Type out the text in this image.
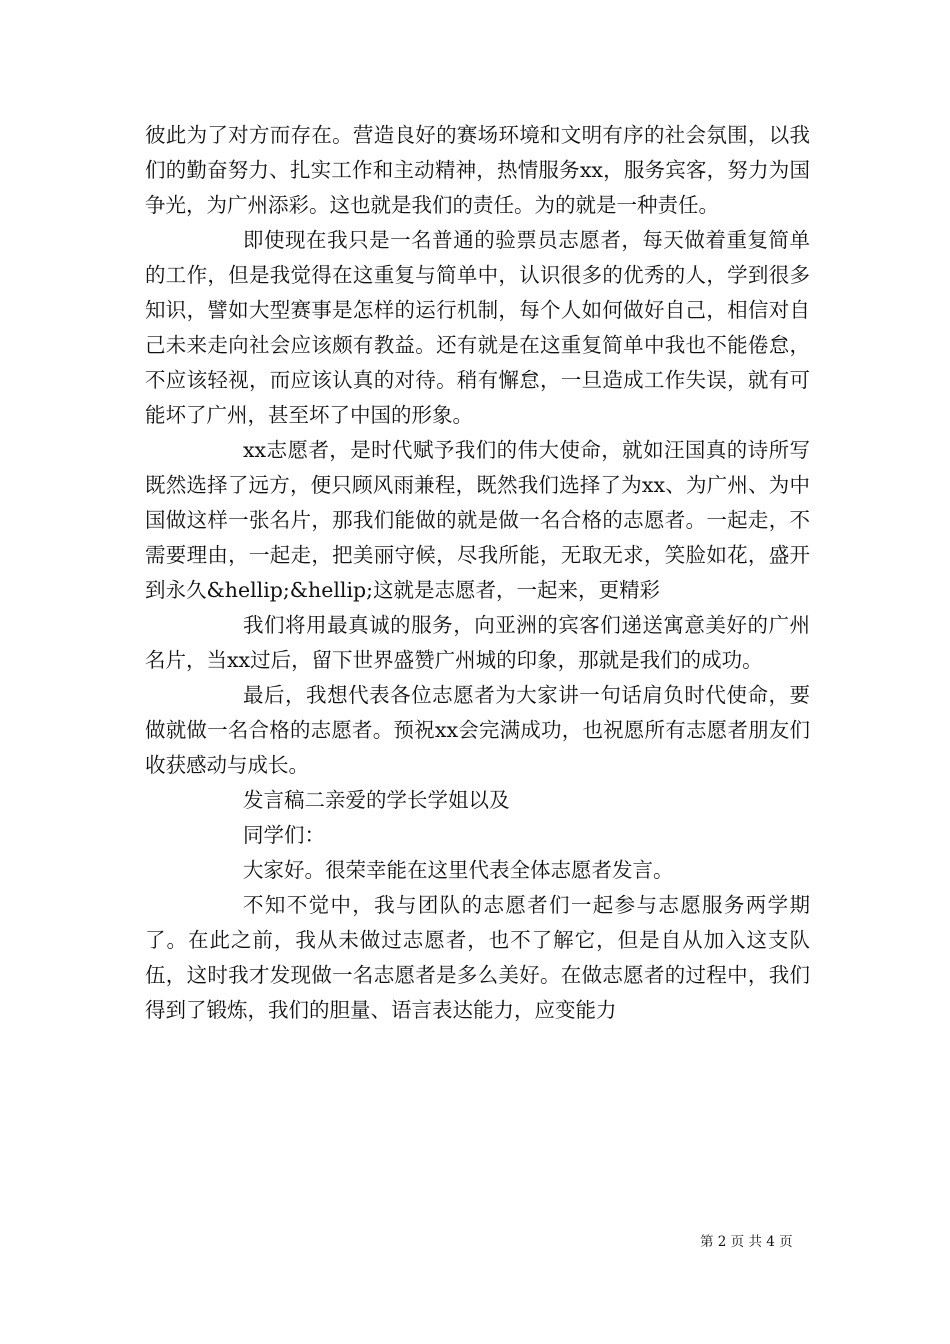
彼此为了对方而存在。营造良好的赛场环境和文明有序的社会氛围，以我们的勤奋努力、扎实工作和主动精神，热情服务xx，服务宾客，努力为国争光，为广州添彩。这也就是我们的责任。为的就是一种责任。

即使现在我只是一名普通的验票员志愿者，每天做着重复简单的工作，但是我觉得在这重复与简单中，认识很多的优秀的人，学到很多知识，譬如大型赛事是怎样的运行机制，每个人如何做好自己，相信对自己未来走向社会应该颇有教益。还有就是在这重复简单中我也不能倦怠，不应该轻视，而应该认真的对待。稍有懈怠，一旦造成工作失误，就有可能坏了广州，甚至坏了中国的形象。

xx志愿者，是时代赋予我们的伟大使命，就如汪国真的诗所写既然选择了远方，便只顾风雨兼程，既然我们选择了为xx、为广州、为中国做这样一张名片，那我们能做的就是做一名合格的志愿者。一起走，不需要理由，一起走，把美丽守候，尽我所能，无取无求，笑脸如花，盛开到永久&hellip;&hellip;这就是志愿者，一起来，更精彩

我们将用最真诚的服务，向亚洲的宾客们递送寓意美好的广州名片，当xx过后，留下世界盛赞广州城的印象，那就是我们的成功。

最后，我想代表各位志愿者为大家讲一句话肩负时代使命，要做就做一名合格的志愿者。预祝xx会完满成功，也祝愿所有志愿者朋友们收获感动与成长。

发言稿二亲爱的学长学姐以及

同学们：

大家好。很荣幸能在这里代表全体志愿者发言。

不知不觉中，我与团队的志愿者们一起参与志愿服务两学期了。在此之前，我从未做过志愿者，也不了解它，但是自从加入这支队伍，这时我才发现做一名志愿者是多么美好。在做志愿者的过程中，我们得到了锻炼，我们的胆量、语言表达能力，应变能力

第 2 页 共 4 页
